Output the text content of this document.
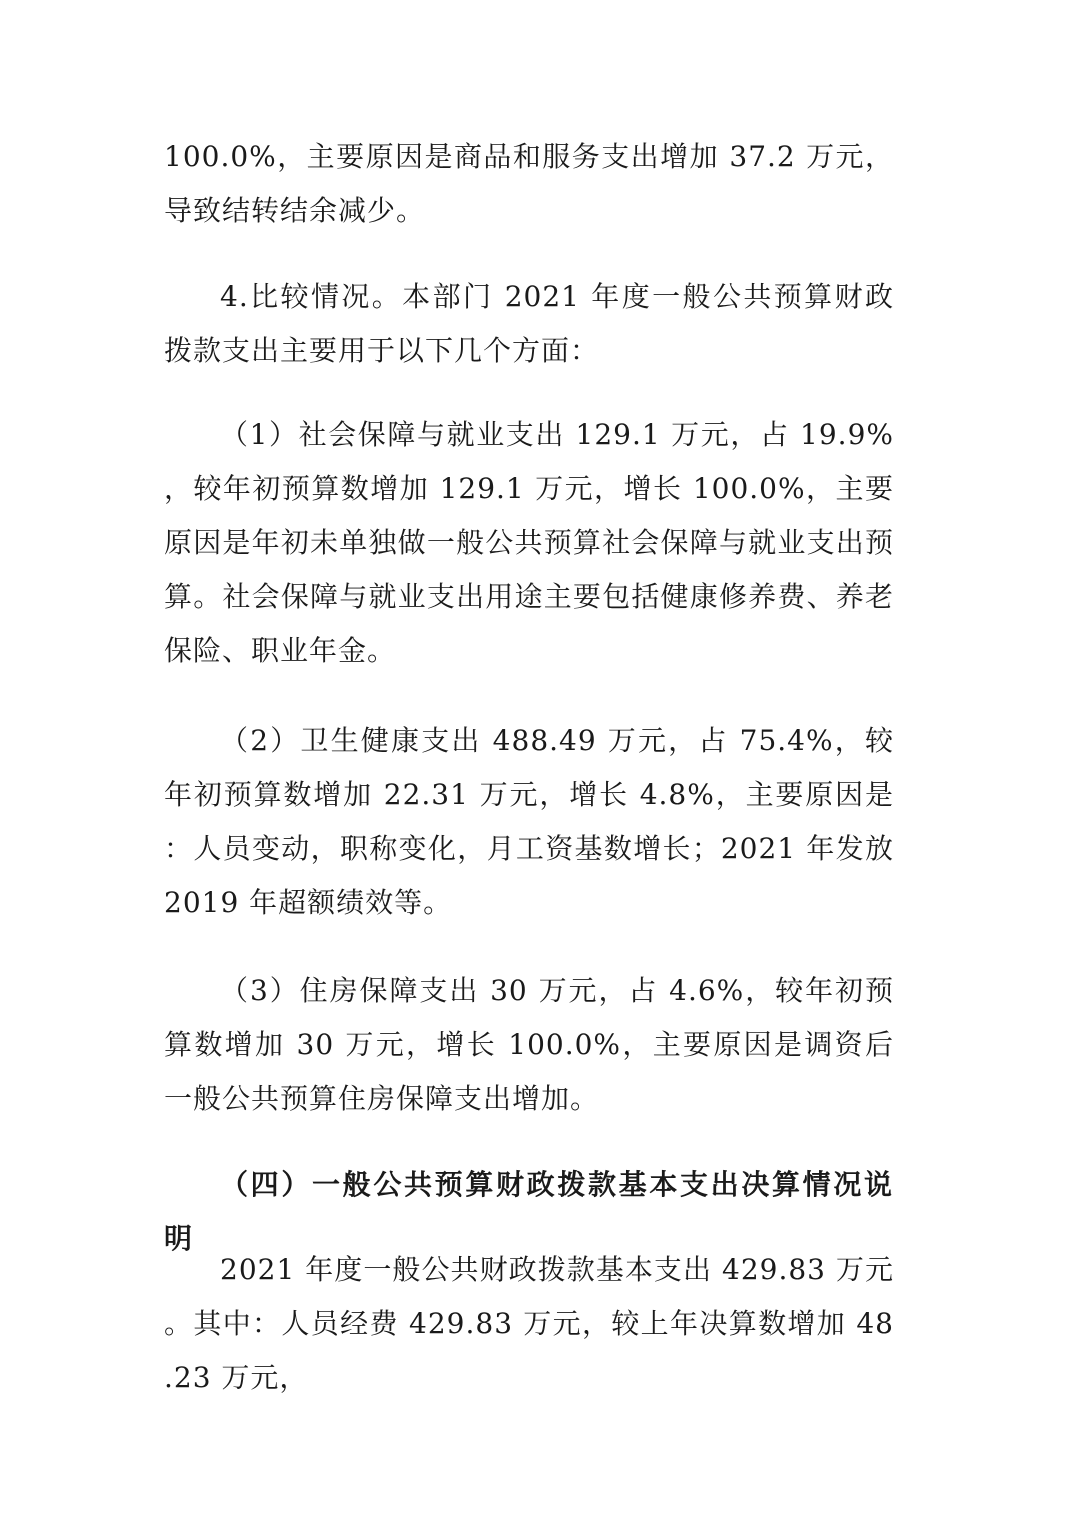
100.0%，主要原因是商品和服务支出增加 37.2 万元，导致结转结余减少。

4.比较情况。本部门 2021 年度一般公共预算财政拨款支出主要用于以下几个方面：

（1）社会保障与就业支出 129.1 万元，占 19.9%，较年初预算数增加 129.1 万元，增长 100.0%，主要原因是年初未单独做一般公共预算社会保障与就业支出预算。社会保障与就业支出用途主要包括健康修养费、养老保险、职业年金。

（2）卫生健康支出 488.49 万元，占 75.4%，较年初预算数增加 22.31 万元，增长 4.8%，主要原因是：人员变动，职称变化，月工资基数增长；2021 年发放 2019 年超额绩效等。

（3）住房保障支出 30 万元，占 4.6%，较年初预算数增加 30 万元，增长 100.0%，主要原因是调资后一般公共预算住房保障支出增加。

（四）一般公共预算财政拨款基本支出决算情况说明

2021 年度一般公共财政拨款基本支出 429.83 万元。其中：人员经费 429.83 万元，较上年决算数增加 48.23 万元，
